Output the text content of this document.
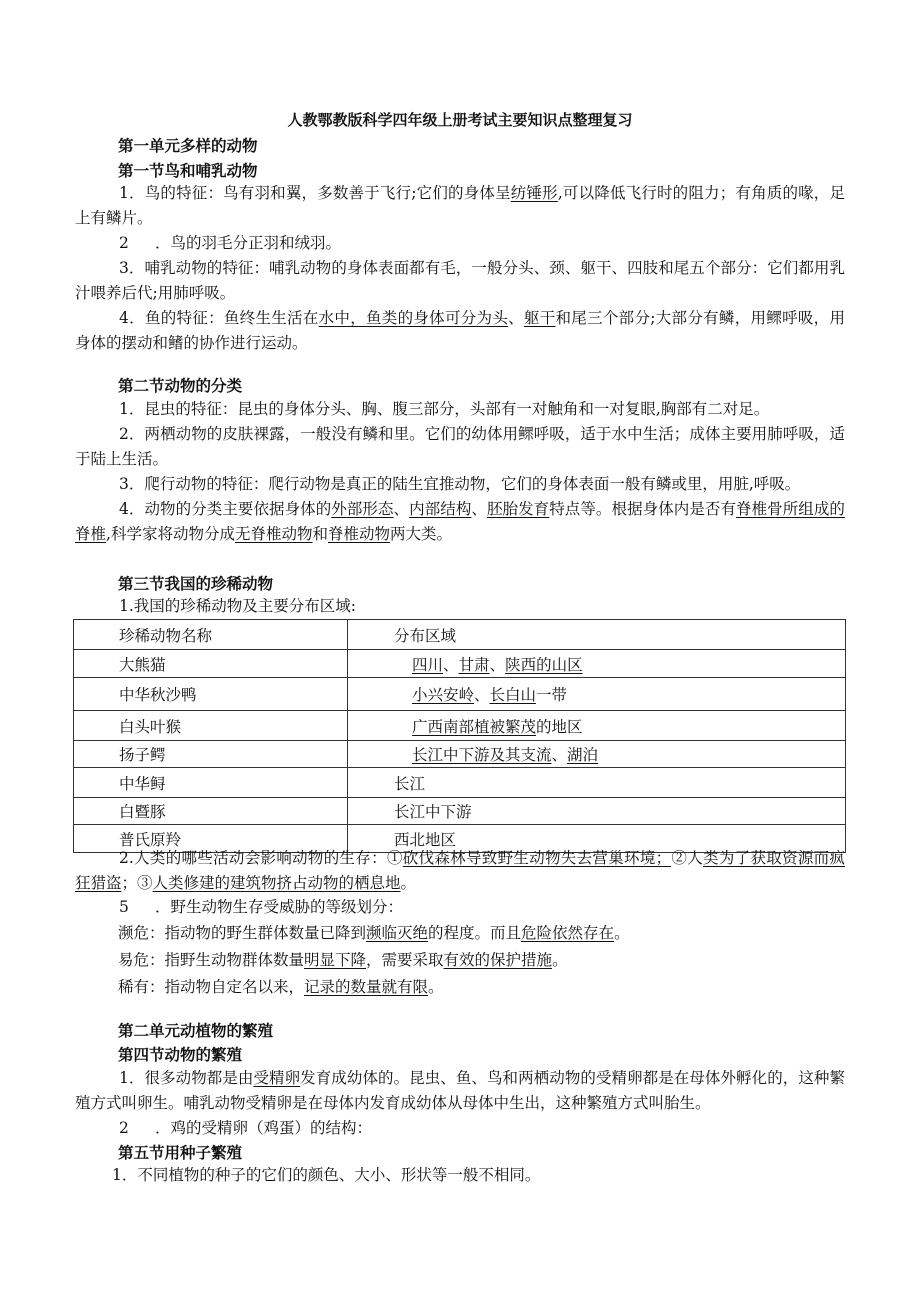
人教鄂教版科学四年级上册考试主要知识点整理复习
第一单元多样的动物
第一节鸟和哺乳动物

1．鸟的特征：鸟有羽和翼，多数善于飞行;它们的身体呈纺锤形,可以降低飞行时的阻力；有角质的喙，足上有鳞片。

2 ．鸟的羽毛分正羽和绒羽。

3．哺乳动物的特征：哺乳动物的身体表面都有毛，一般分头、颈、躯干、四肢和尾五个部分：它们都用乳汁喂养后代;用肺呼吸。

4．鱼的特征：鱼终生生活在水中，鱼类的身体可分为头、躯干和尾三个部分;大部分有鳞，用鳏呼吸，用身体的摆动和鳍的协作进行运动。

第二节动物的分类

1．昆虫的特征：昆虫的身体分头、胸、腹三部分，头部有一对触角和一对复眼,胸部有二对足。

2．两栖动物的皮肤裸露，一般没有鳞和里。它们的幼体用鳏呼吸，适于水中生活；成体主要用肺呼吸，适于陆上生活。

3．爬行动物的特征：爬行动物是真正的陆生宜推动物，它们的身体表面一般有鳞或里，用脏,呼吸。

4．动物的分类主要依据身体的外部形态、内部结构、胚胎发育特点等。根据身体内是否有脊椎骨所组成的脊椎,科学家将动物分成无脊椎动物和脊椎动物两大类。

第三节我国的珍稀动物
1.我国的珍稀动物及主要分布区域:
珍稀动物名称	分布区域
大熊猫	四川、甘肃、陕西的山区
中华秋沙鸭	小兴安岭、长白山一带
白头叶猴	广西南部植被繁茂的地区
扬子鳄	长江中下游及其支流、湖泊
中华鲟	长江
白暨豚	长江中下游
普氏原羚	西北地区

2.人类的哪些活动会影响动物的生存：①砍伐森林导致野生动物失去营巢环境；②人类为了获取资源而疯狂猎盗；③人类修建的建筑物挤占动物的栖息地。

5 ．野生动物生存受威胁的等级划分：
濒危：指动物的野生群体数量已降到濒临灭绝的程度。而且危险依然存在。
易危：指野生动物群体数量明显下降，需要采取有效的保护措施。
稀有：指动物自定名以来，记录的数量就有限。
第二单元动植物的繁殖
第四节动物的繁殖

1．很多动物都是由受精卵发育成幼体的。昆虫、鱼、鸟和两栖动物的受精卵都是在母体外孵化的，这种繁殖方式叫卵生。哺乳动物受精卵是在母体内发育成幼体从母体中生出，这种繁殖方式叫胎生。

2 ．鸡的受精卵（鸡蛋）的结构：
第五节用种子繁殖
1．不同植物的种子的它们的颜色、大小、形状等一般不相同。
